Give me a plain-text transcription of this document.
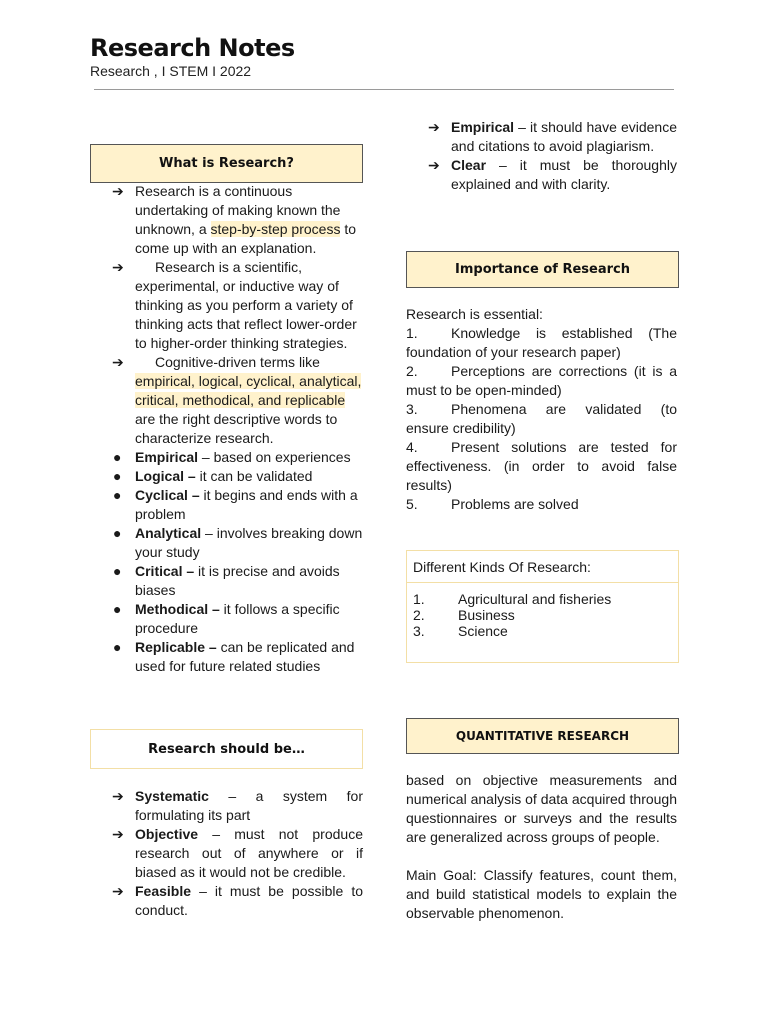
Research Notes
Research , I STEM I 2022
What is Research?
➔ Research is a continuous undertaking of making known the unknown, a step-by-step process to come up with an explanation.
➔ Research is a scientific, experimental, or inductive way of thinking as you perform a variety of thinking acts that reflect lower-order to higher-order thinking strategies.
➔ Cognitive-driven terms like empirical, logical, cyclical, analytical, critical, methodical, and replicable are the right descriptive words to characterize research.
● Empirical – based on experiences
● Logical – it can be validated
● Cyclical – it begins and ends with a problem
● Analytical – involves breaking down your study
● Critical – it is precise and avoids biases
● Methodical – it follows a specific procedure
● Replicable – can be replicated and used for future related studies
Research should be…
➔ Systematic – a system for formulating its part
➔ Objective – must not produce research out of anywhere or if biased as it would not be credible.
➔ Feasible – it must be possible to conduct.
➔ Empirical – it should have evidence and citations to avoid plagiarism.
➔ Clear – it must be thoroughly explained and with clarity.
Importance of Research

Research is essential:

1. Knowledge is established (The foundation of your research paper)
2. Perceptions are corrections (it is a must to be open-minded)
3. Phenomena are validated (to ensure credibility)
4. Present solutions are tested for effectiveness. (in order to avoid false results)
5. Problems are solved
Different Kinds Of Research:
1. Agricultural and fisheries
2. Business
3. Science
QUANTITATIVE RESEARCH

based on objective measurements and numerical analysis of data acquired through questionnaires or surveys and the results are generalized across groups of people.

Main Goal: Classify features, count them, and build statistical models to explain the observable phenomenon.
